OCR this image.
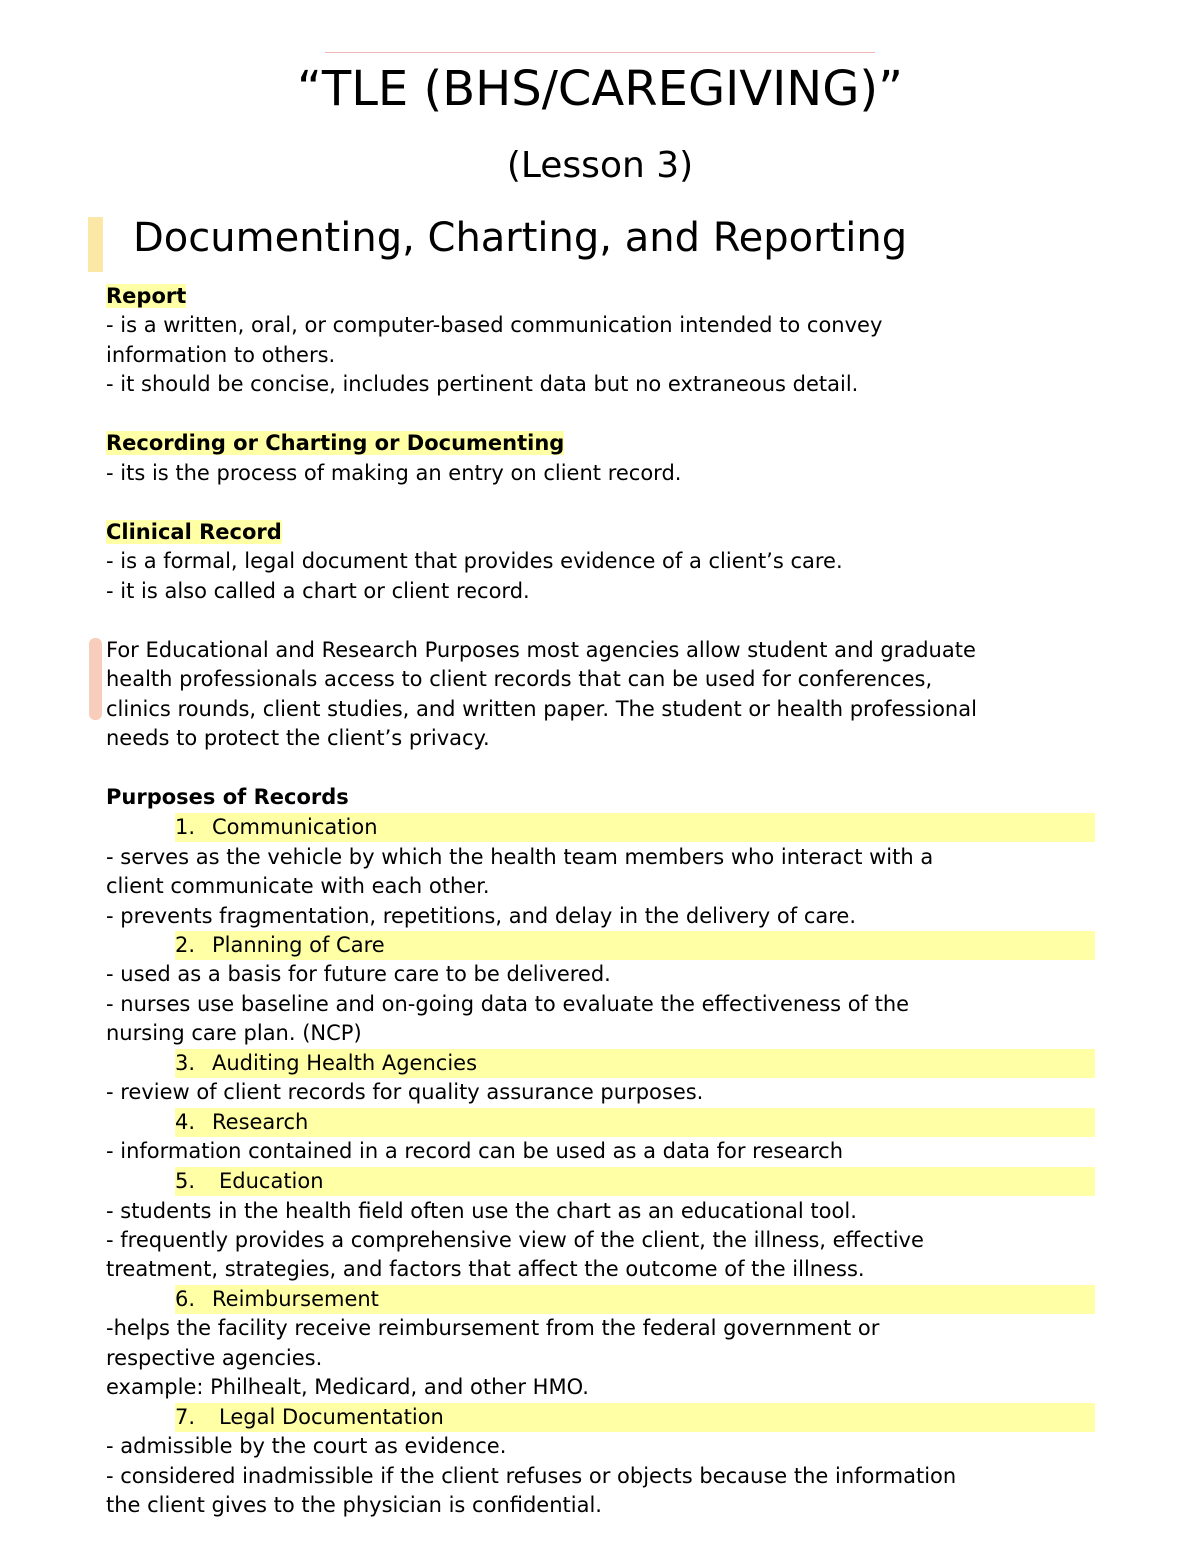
“TLE (BHS/CAREGIVING)”
(Lesson 3)
Documenting, Charting, and Reporting
Report
- is a written, oral, or computer-based communication intended to convey
information to others.
- it should be concise, includes pertinent data but no extraneous detail.
Recording or Charting or Documenting
- its is the process of making an entry on client record.
Clinical Record
- is a formal, legal document that provides evidence of a client’s care.
- it is also called a chart or client record.
For Educational and Research Purposes most agencies allow student and graduate
health professionals access to client records that can be used for conferences,
clinics rounds, client studies, and written paper. The student or health professional
needs to protect the client’s privacy.
Purposes of Records
1. Communication
- serves as the vehicle by which the health team members who interact with a
client communicate with each other.
- prevents fragmentation, repetitions, and delay in the delivery of care.
2. Planning of Care
- used as a basis for future care to be delivered.
- nurses use baseline and on-going data to evaluate the effectiveness of the
nursing care plan. (NCP)
3. Auditing Health Agencies
- review of client records for quality assurance purposes.
4. Research
- information contained in a record can be used as a data for research
5. Education
- students in the health field often use the chart as an educational tool.
- frequently provides a comprehensive view of the client, the illness, effective
treatment, strategies, and factors that affect the outcome of the illness.
6. Reimbursement
-helps the facility receive reimbursement from the federal government or
respective agencies.
example: Philhealt, Medicard, and other HMO.
7. Legal Documentation
- admissible by the court as evidence.
- considered inadmissible if the client refuses or objects because the information
the client gives to the physician is confidential.
